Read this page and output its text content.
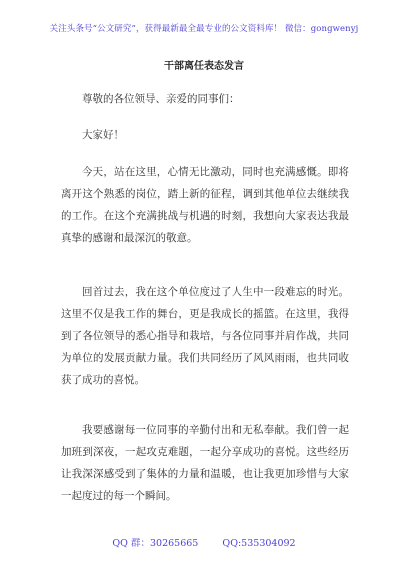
关注头条号“公文研究”，获得最新最全最专业的公文资料库！ 微信：gongwenyj
干部离任表态发言

尊敬的各位领导、亲爱的同事们：

大家好！

今天，站在这里，心情无比激动，同时也充满感慨。即将离开这个熟悉的岗位，踏上新的征程，调到其他单位去继续我的工作。在这个充满挑战与机遇的时刻，我想向大家表达我最真挚的感谢和最深沉的敬意。

回首过去，我在这个单位度过了人生中一段难忘的时光。这里不仅是我工作的舞台，更是我成长的摇篮。在这里，我得到了各位领导的悉心指导和栽培，与各位同事并肩作战，共同为单位的发展贡献力量。我们共同经历了风风雨雨，也共同收获了成功的喜悦。

我要感谢每一位同事的辛勤付出和无私奉献。我们曾一起加班到深夜，一起攻克难题，一起分享成功的喜悦。这些经历让我深深感受到了集体的力量和温暖，也让我更加珍惜与大家一起度过的每一个瞬间。

QQ 群：30265665	QQ:535304092
